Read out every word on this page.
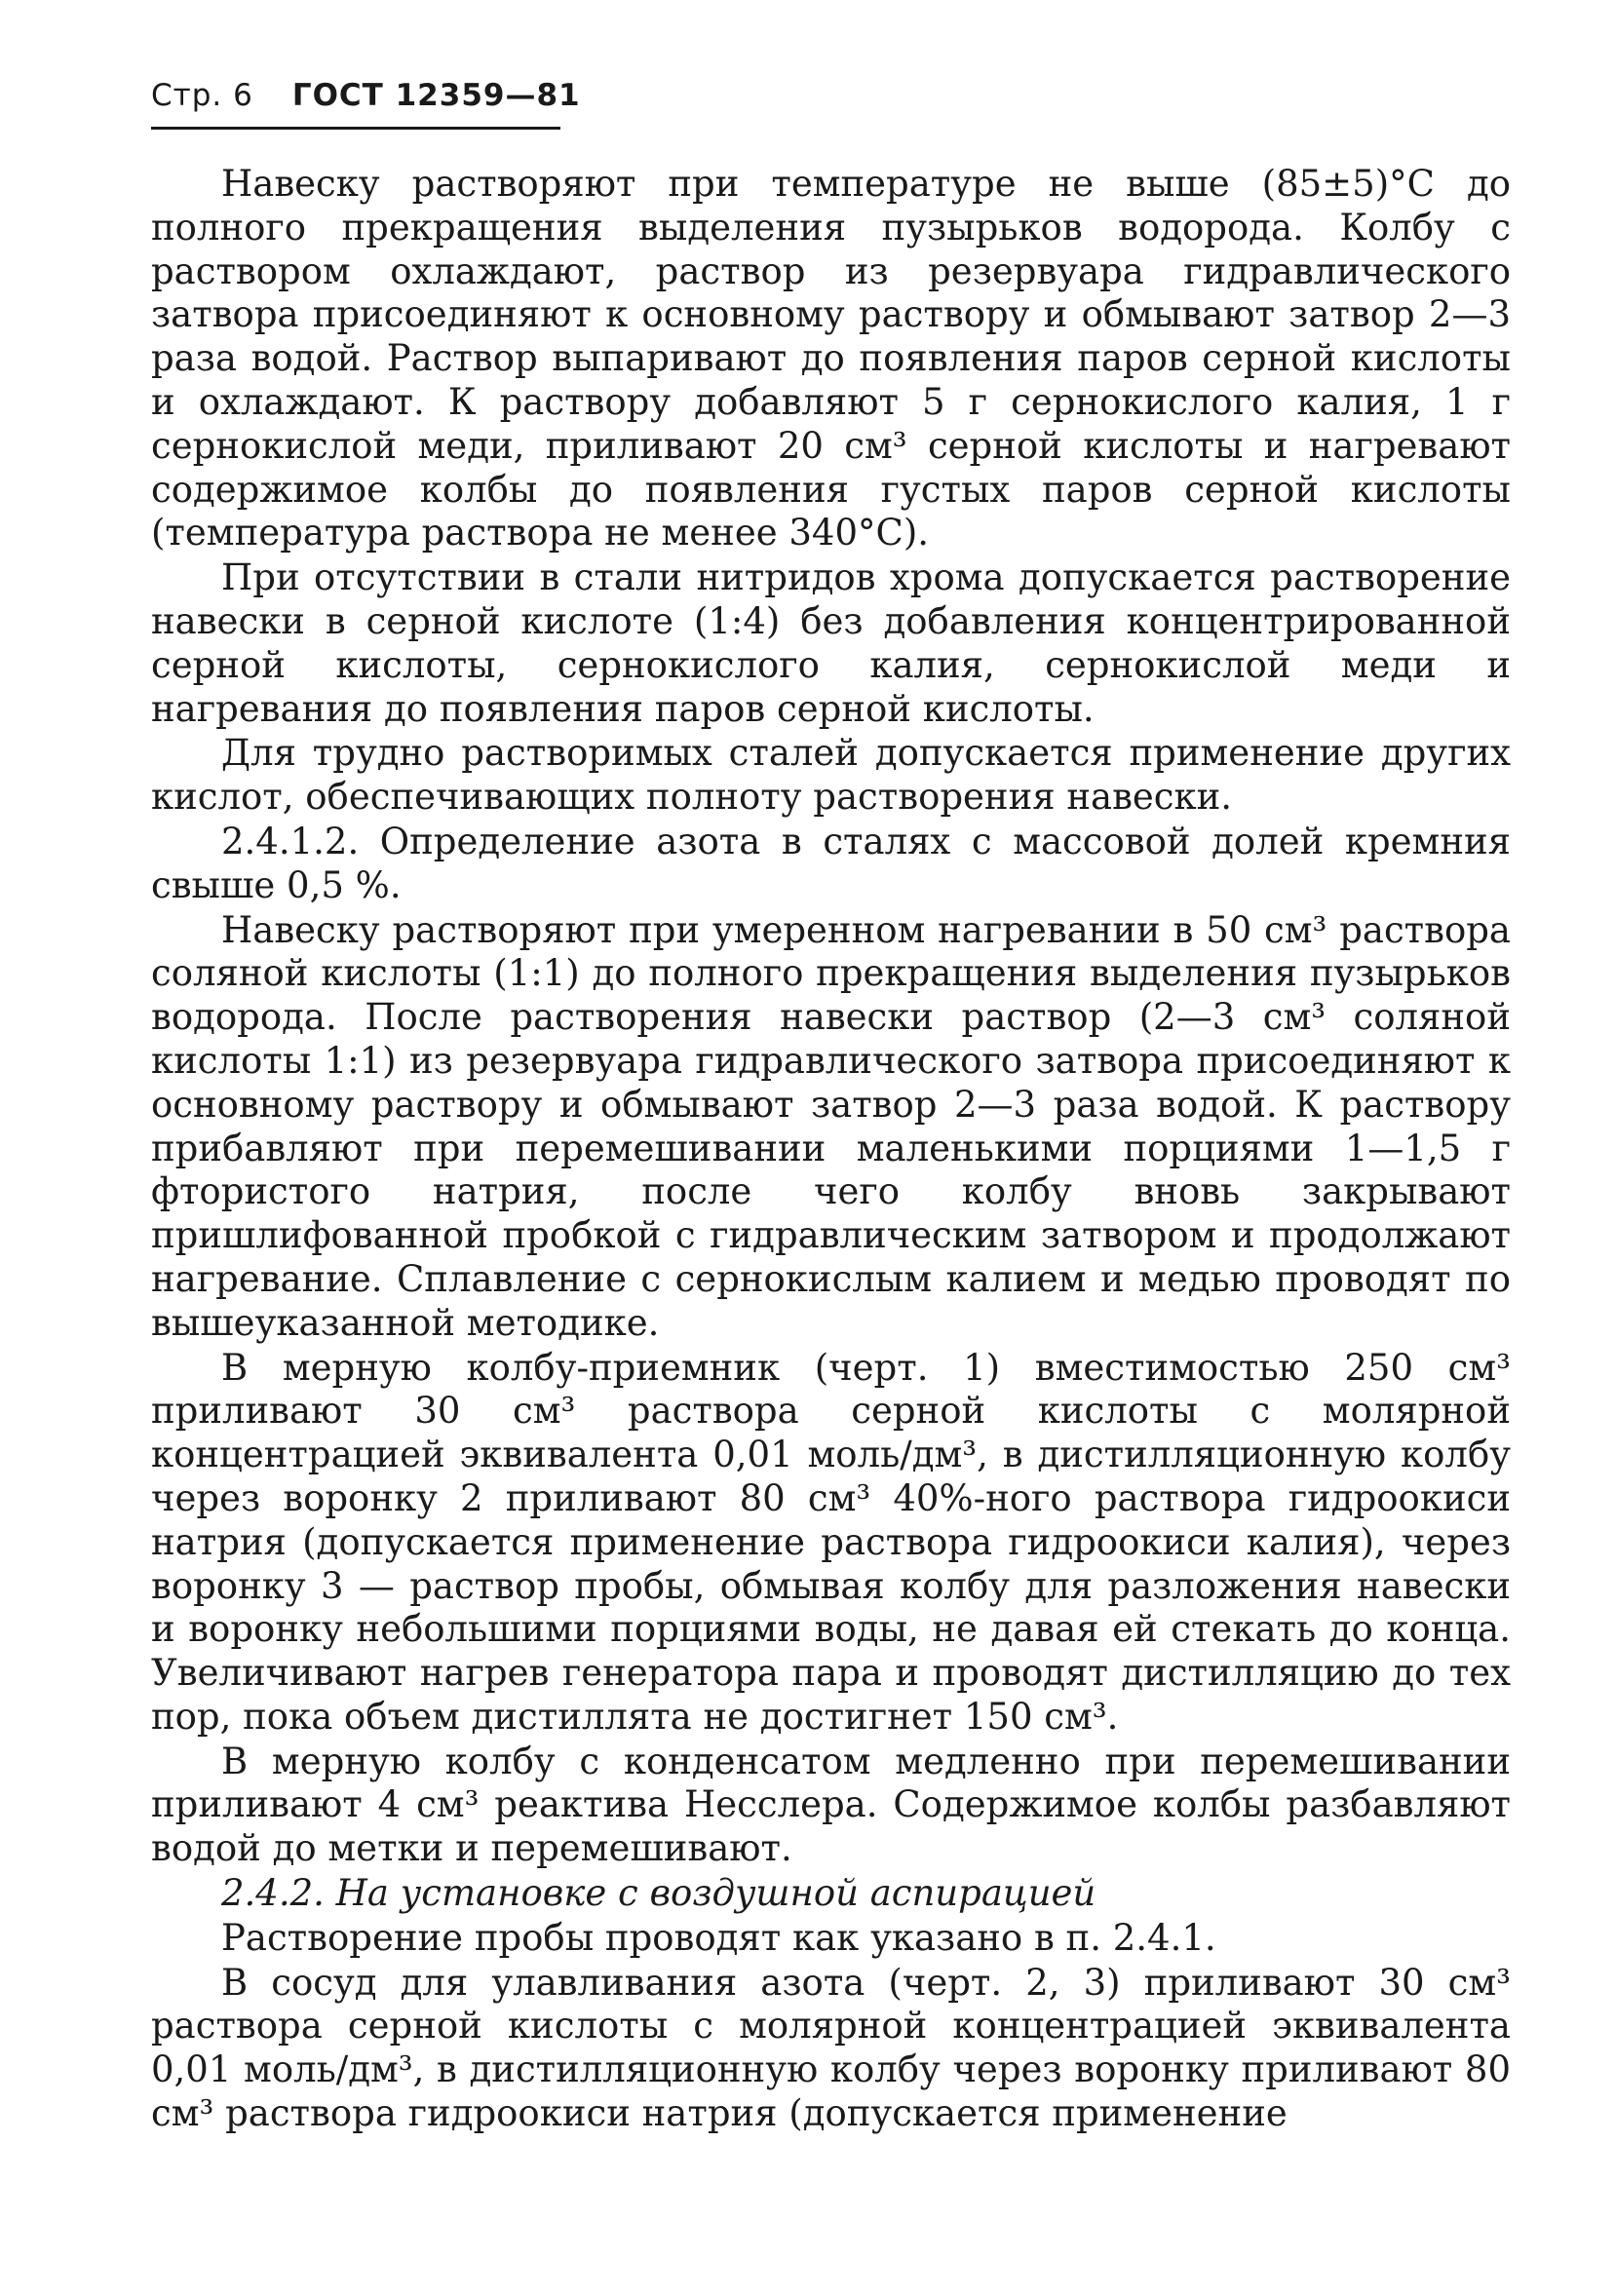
Стр. 6 ГОСТ 12359—81

Навеску растворяют при температуре не выше (85±5)°С до полного прекращения выделения пузырьков водорода. Колбу с раствором охлаждают, раствор из резервуара гидравлического затвора присоединяют к основному раствору и обмывают затвор 2—3 раза водой. Раствор выпаривают до появления паров серной кислоты и охлаждают. К раствору добавляют 5 г сернокислого калия, 1 г сернокислой меди, приливают 20 см³ серной кислоты и нагревают содержимое колбы до появления густых паров серной кислоты (температура раствора не менее 340°С).

При отсутствии в стали нитридов хрома допускается растворение навески в серной кислоте (1:4) без добавления концентрированной серной кислоты, сернокислого калия, сернокислой меди и нагревания до появления паров серной кислоты.

Для трудно растворимых сталей допускается применение других кислот, обеспечивающих полноту растворения навески.

2.4.1.2. Определение азота в сталях с массовой долей кремния свыше 0,5 %.

Навеску растворяют при умеренном нагревании в 50 см³ раствора соляной кислоты (1:1) до полного прекращения выделения пузырьков водорода. После растворения навески раствор (2—3 см³ соляной кислоты 1:1) из резервуара гидравлического затвора присоединяют к основному раствору и обмывают затвор 2—3 раза водой. К раствору прибавляют при перемешивании маленькими порциями 1—1,5 г фтористого натрия, после чего колбу вновь закрывают пришлифованной пробкой с гидравлическим затвором и продолжают нагревание. Сплавление с сернокислым калием и медью проводят по вышеуказанной методике.

В мерную колбу-приемник (черт. 1) вместимостью 250 см³ приливают 30 см³ раствора серной кислоты с молярной концентрацией эквивалента 0,01 моль/дм³, в дистилляционную колбу через воронку 2 приливают 80 см³ 40%-ного раствора гидроокиси натрия (допускается применение раствора гидроокиси калия), через воронку 3 — раствор пробы, обмывая колбу для разложения навески и воронку небольшими порциями воды, не давая ей стекать до конца. Увеличивают нагрев генератора пара и проводят дистилляцию до тех пор, пока объем дистиллята не достигнет 150 см³.

В мерную колбу с конденсатом медленно при перемешивании приливают 4 см³ реактива Несслера. Содержимое колбы разбавляют водой до метки и перемешивают.

2.4.2. На установке с воздушной аспирацией

Растворение пробы проводят как указано в п. 2.4.1.

В сосуд для улавливания азота (черт. 2, 3) приливают 30 см³ раствора серной кислоты с молярной концентрацией эквивалента 0,01 моль/дм³, в дистилляционную колбу через воронку приливают 80 см³ раствора гидроокиси натрия (допускается применение
